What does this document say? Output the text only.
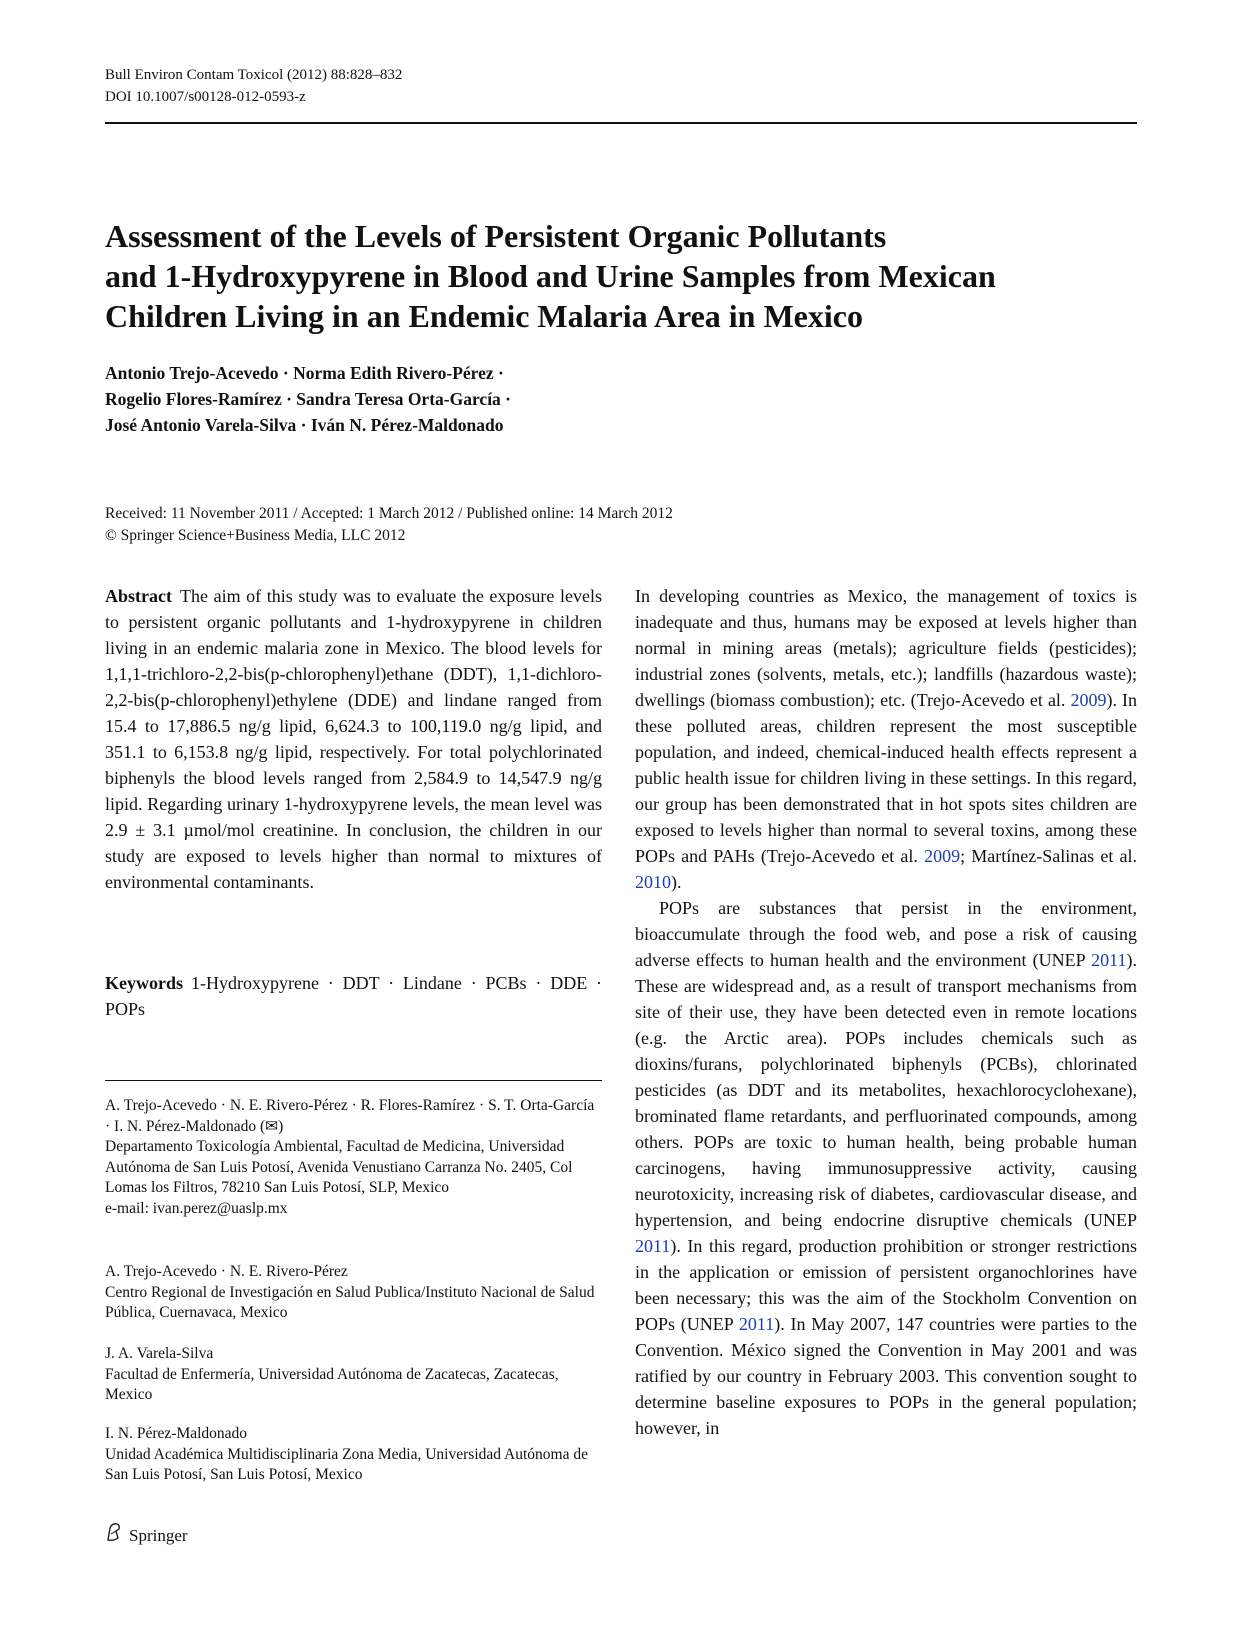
Bull Environ Contam Toxicol (2012) 88:828–832
DOI 10.1007/s00128-012-0593-z
Assessment of the Levels of Persistent Organic Pollutants
and 1-Hydroxypyrene in Blood and Urine Samples from Mexican
Children Living in an Endemic Malaria Area in Mexico
Antonio Trejo-Acevedo · Norma Edith Rivero-Pérez ·
Rogelio Flores-Ramírez · Sandra Teresa Orta-García ·
José Antonio Varela-Silva · Iván N. Pérez-Maldonado
Received: 11 November 2011 / Accepted: 1 March 2012 / Published online: 14 March 2012
© Springer Science+Business Media, LLC 2012
Abstract The aim of this study was to evaluate the exposure levels to persistent organic pollutants and 1-hydroxypyrene in children living in an endemic malaria zone in Mexico. The blood levels for 1,1,1-trichloro-2,2-bis(p-chlorophenyl)ethane (DDT), 1,1-dichloro-2,2-bis(p-chlorophenyl)ethylene (DDE) and lindane ranged from 15.4 to 17,886.5 ng/g lipid, 6,624.3 to 100,119.0 ng/g lipid, and 351.1 to 6,153.8 ng/g lipid, respectively. For total polychlorinated biphenyls the blood levels ranged from 2,584.9 to 14,547.9 ng/g lipid. Regarding urinary 1-hydroxypyrene levels, the mean level was 2.9 ± 3.1 µmol/mol creatinine. In conclusion, the children in our study are exposed to levels higher than normal to mixtures of environmental contaminants.
Keywords 1-Hydroxypyrene · DDT · Lindane · PCBs · DDE · POPs
A. Trejo-Acevedo · N. E. Rivero-Pérez · R. Flores-Ramírez · S. T. Orta-García · I. N. Pérez-Maldonado (✉)
Departamento Toxicología Ambiental, Facultad de Medicina, Universidad Autónoma de San Luis Potosí, Avenida Venustiano Carranza No. 2405, Col Lomas los Filtros, 78210 San Luis Potosí, SLP, Mexico
e-mail: ivan.perez@uaslp.mx
A. Trejo-Acevedo · N. E. Rivero-Pérez
Centro Regional de Investigación en Salud Publica/Instituto Nacional de Salud Pública, Cuernavaca, Mexico
J. A. Varela-Silva
Facultad de Enfermería, Universidad Autónoma de Zacatecas, Zacatecas, Mexico
I. N. Pérez-Maldonado
Unidad Académica Multidisciplinaria Zona Media, Universidad Autónoma de San Luis Potosí, San Luis Potosí, Mexico

In developing countries as Mexico, the management of toxics is inadequate and thus, humans may be exposed at levels higher than normal in mining areas (metals); agriculture fields (pesticides); industrial zones (solvents, metals, etc.); landfills (hazardous waste); dwellings (biomass combustion); etc. (Trejo-Acevedo et al. 2009). In these polluted areas, children represent the most susceptible population, and indeed, chemical-induced health effects represent a public health issue for children living in these settings. In this regard, our group has been demonstrated that in hot spots sites children are exposed to levels higher than normal to several toxins, among these POPs and PAHs (Trejo-Acevedo et al. 2009; Martínez-Salinas et al. 2010).

POPs are substances that persist in the environment, bioaccumulate through the food web, and pose a risk of causing adverse effects to human health and the environment (UNEP 2011). These are widespread and, as a result of transport mechanisms from site of their use, they have been detected even in remote locations (e.g. the Arctic area). POPs includes chemicals such as dioxins/furans, polychlorinated biphenyls (PCBs), chlorinated pesticides (as DDT and its metabolites, hexachlorocyclohexane), brominated flame retardants, and perfluorinated compounds, among others. POPs are toxic to human health, being probable human carcinogens, having immunosuppressive activity, causing neurotoxicity, increasing risk of diabetes, cardiovascular disease, and hypertension, and being endocrine disruptive chemicals (UNEP 2011). In this regard, production prohibition or stronger restrictions in the application or emission of persistent organochlorines have been necessary; this was the aim of the Stockholm Convention on POPs (UNEP 2011). In May 2007, 147 countries were parties to the Convention. México signed the Convention in May 2001 and was ratified by our country in February 2003. This convention sought to determine baseline exposures to POPs in the general population; however, in

Springer
